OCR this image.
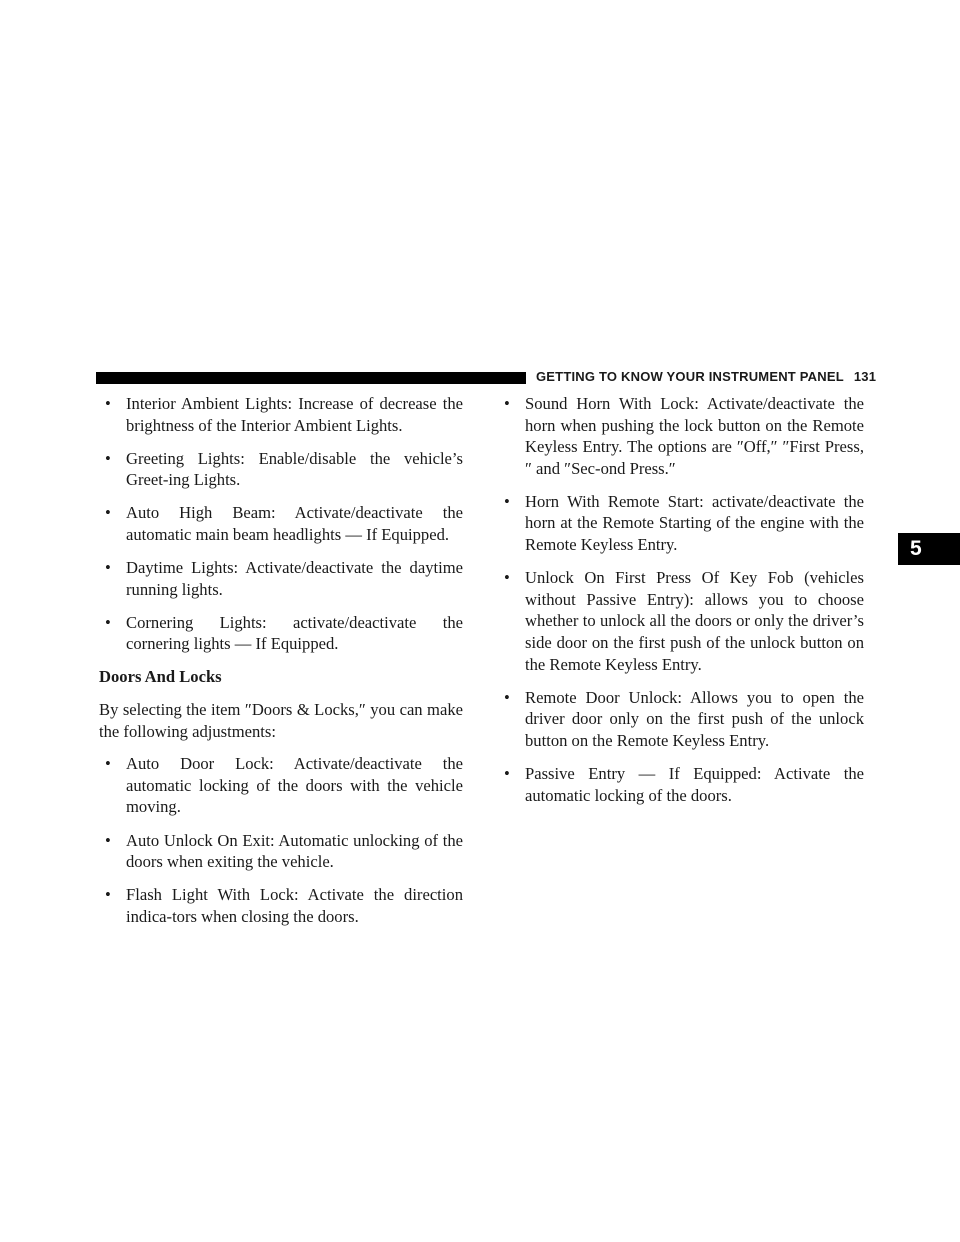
GETTING TO KNOW YOUR INSTRUMENT PANEL 131
5
• Interior Ambient Lights: Increase of decrease the brightness of the Interior Ambient Lights.
• Greeting Lights: Enable/disable the vehicle’s Greet-ing Lights.
• Auto High Beam: Activate/deactivate the automatic main beam headlights — If Equipped.
• Daytime Lights: Activate/deactivate the daytime running lights.
• Cornering Lights: activate/deactivate the cornering lights — If Equipped.
Doors And Locks

By selecting the item ″Doors & Locks,″ you can make the following adjustments:

• Auto Door Lock: Activate/deactivate the automatic locking of the doors with the vehicle moving.
• Auto Unlock On Exit: Automatic unlocking of the doors when exiting the vehicle.
• Flash Light With Lock: Activate the direction indica-tors when closing the doors.
• Sound Horn With Lock: Activate/deactivate the horn when pushing the lock button on the Remote Keyless Entry. The options are ″Off,″ ″First Press,″ and ″Sec-ond Press.″
• Horn With Remote Start: activate/deactivate the horn at the Remote Starting of the engine with the Remote Keyless Entry.
• Unlock On First Press Of Key Fob (vehicles without Passive Entry): allows you to choose whether to unlock all the doors or only the driver’s side door on the first push of the unlock button on the Remote Keyless Entry.
• Remote Door Unlock: Allows you to open the driver door only on the first push of the unlock button on the Remote Keyless Entry.
• Passive Entry — If Equipped: Activate the automatic locking of the doors.
